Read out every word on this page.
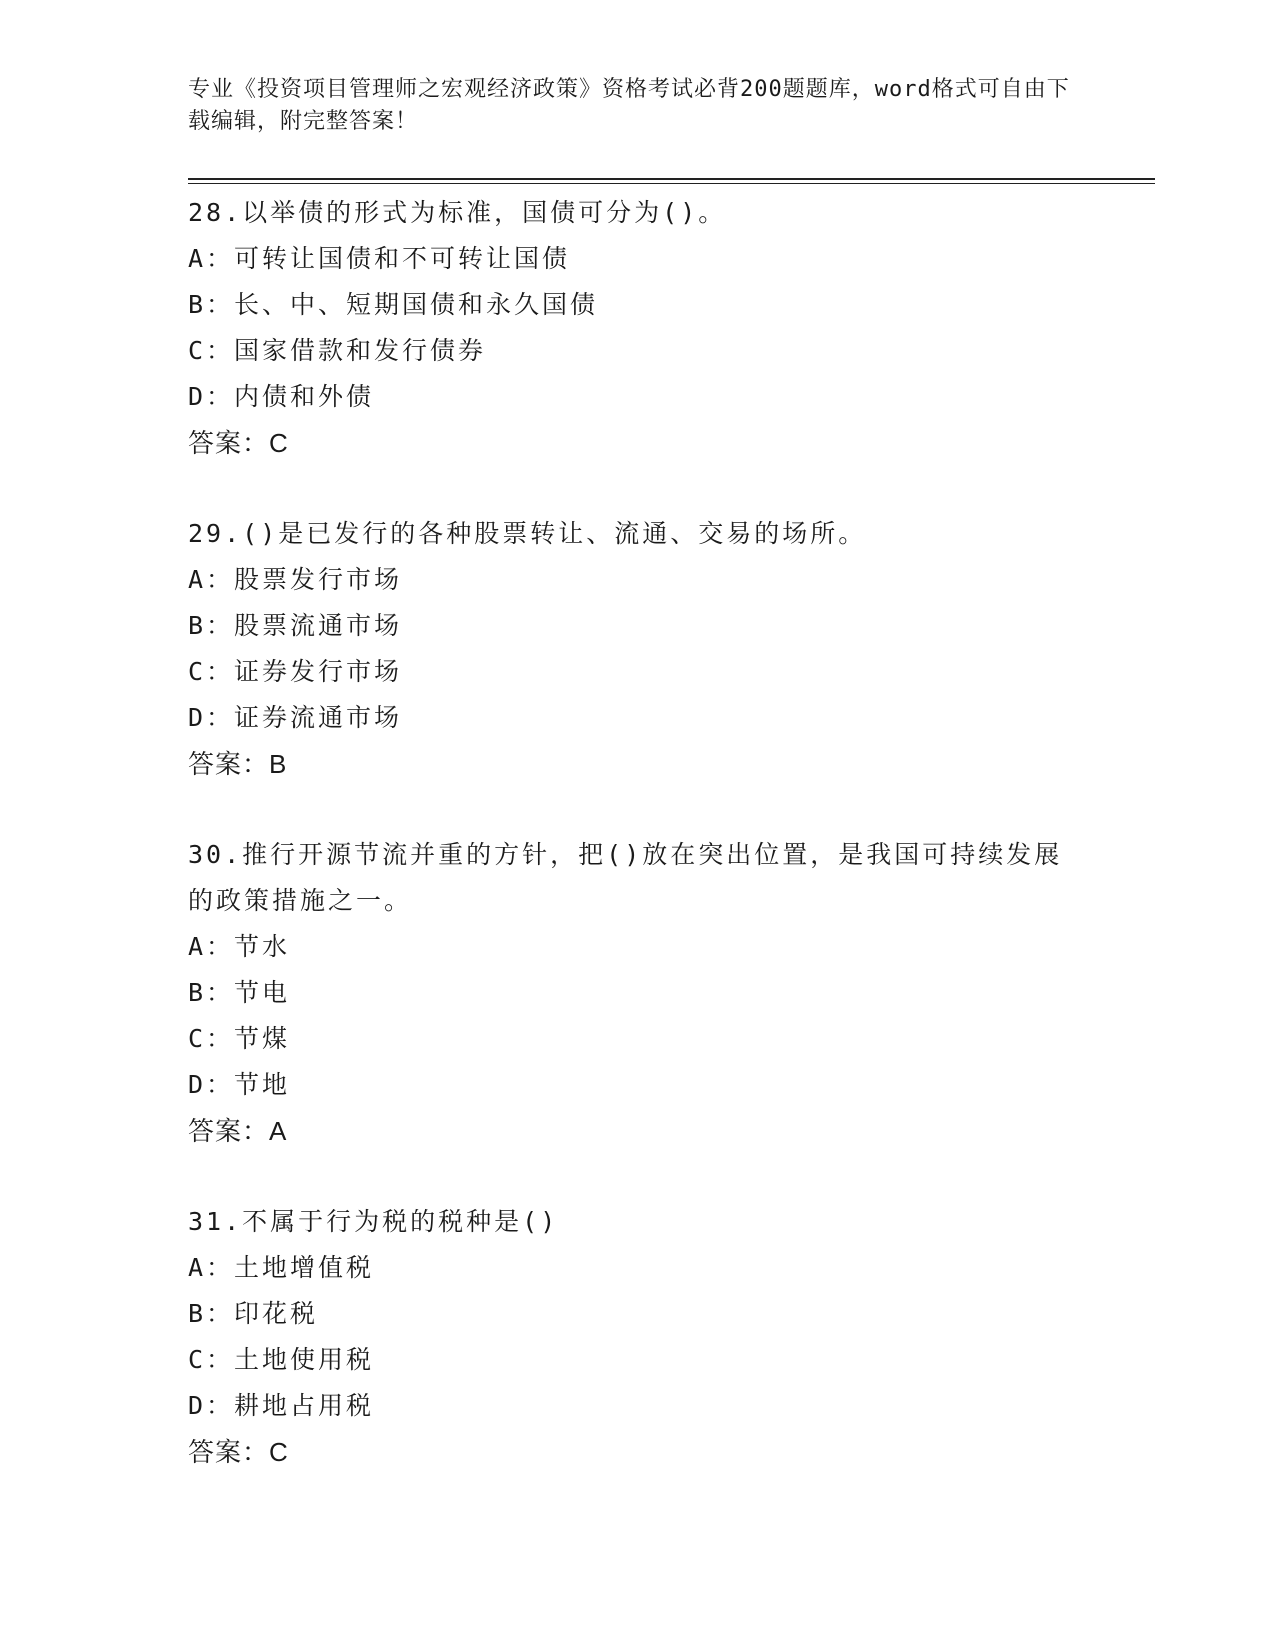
专业《投资项目管理师之宏观经济政策》资格考试必背200题题库，word格式可自由下载编辑，附完整答案！
28.以举债的形式为标准，国债可分为()。
A：可转让国债和不可转让国债
B：长、中、短期国债和永久国债
C：国家借款和发行债券
D：内债和外债
答案：C
29.()是已发行的各种股票转让、流通、交易的场所。
A：股票发行市场
B：股票流通市场
C：证券发行市场
D：证券流通市场
答案：B
30.推行开源节流并重的方针，把()放在突出位置，是我国可持续发展的政策措施之一。
A：节水
B：节电
C：节煤
D：节地
答案：A
31.不属于行为税的税种是()
A：土地增值税
B：印花税
C：土地使用税
D：耕地占用税
答案：C
